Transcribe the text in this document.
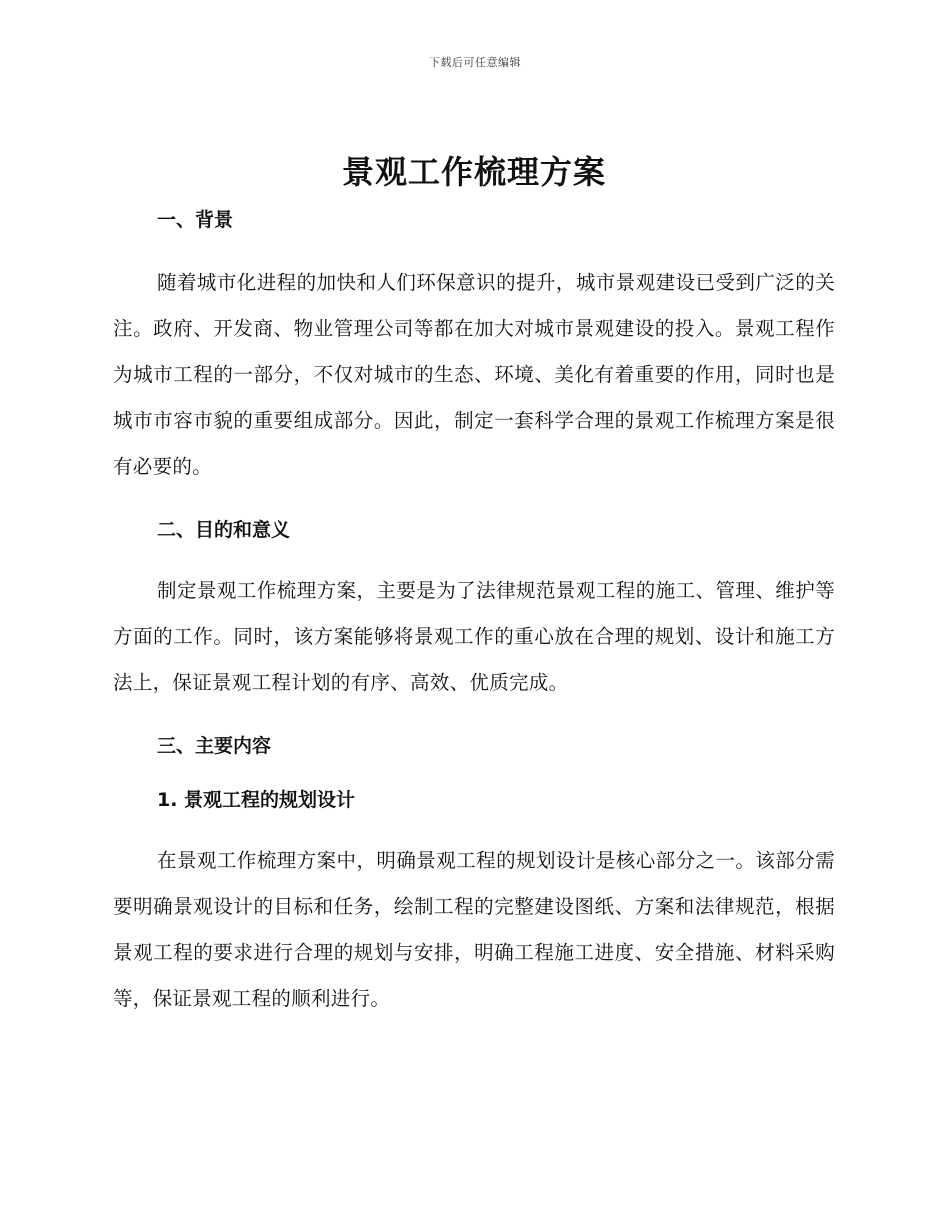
下载后可任意编辑
景观工作梳理方案
一、背景

随着城市化进程的加快和人们环保意识的提升，城市景观建设已受到广泛的关注。政府、开发商、物业管理公司等都在加大对城市景观建设的投入。景观工程作为城市工程的一部分，不仅对城市的生态、环境、美化有着重要的作用，同时也是城市市容市貌的重要组成部分。因此，制定一套科学合理的景观工作梳理方案是很有必要的。

二、目的和意义

制定景观工作梳理方案，主要是为了法律规范景观工程的施工、管理、维护等方面的工作。同时，该方案能够将景观工作的重心放在合理的规划、设计和施工方法上，保证景观工程计划的有序、高效、优质完成。

三、主要内容
1. 景观工程的规划设计

在景观工作梳理方案中，明确景观工程的规划设计是核心部分之一。该部分需要明确景观设计的目标和任务，绘制工程的完整建设图纸、方案和法律规范，根据景观工程的要求进行合理的规划与安排，明确工程施工进度、安全措施、材料采购等，保证景观工程的顺利进行。
